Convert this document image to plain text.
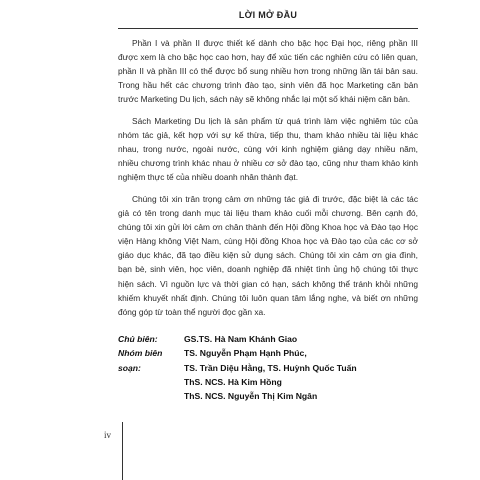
LỜI MỞ ĐẦU

Phần I và phần II được thiết kế dành cho bậc học Đại học, riêng phần III được xem là cho bậc học cao hơn, hay để xúc tiến các nghiên cứu có liên quan, phần II và phần III có thể được bổ sung nhiều hơn trong những lần tái bản sau. Trong hầu hết các chương trình đào tạo, sinh viên đã học Marketing căn bản trước Marketing Du lịch, sách này sẽ không nhắc lại một số khái niệm căn bản.

Sách Marketing Du lịch là sản phẩm từ quá trình làm việc nghiêm túc của nhóm tác giả, kết hợp với sự kế thừa, tiếp thu, tham khảo nhiều tài liệu khác nhau, trong nước, ngoài nước, cùng với kinh nghiệm giảng dạy nhiều năm, nhiều chương trình khác nhau ở nhiều cơ sở đào tạo, cũng như tham khảo kinh nghiệm thực tế của nhiều doanh nhân thành đạt.

Chúng tôi xin trân trọng cảm ơn những tác giả đi trước, đặc biệt là các tác giả có tên trong danh mục tài liệu tham khảo cuối mỗi chương. Bên cạnh đó, chúng tôi xin gửi lời cảm ơn chân thành đến Hội đồng Khoa học và Đào tạo Học viện Hàng không Việt Nam, cùng Hội đồng Khoa học và Đào tạo của các cơ sở giáo dục khác, đã tạo điều kiện sử dụng sách. Chúng tôi xin cảm ơn gia đình, bạn bè, sinh viên, học viên, doanh nghiệp đã nhiệt tình ủng hộ chúng tôi thực hiện sách. Vì nguồn lực và thời gian có hạn, sách không thể tránh khỏi những khiếm khuyết nhất định. Chúng tôi luôn quan tâm lắng nghe, và biết ơn những đóng góp từ toàn thể người đọc gần xa.

Chủ biên:	GS.TS. Hà Nam Khánh Giao
Nhóm biên soạn:
TS. Nguyễn Phạm Hạnh Phúc,
TS. Trần Diệu Hằng, TS. Huỳnh Quốc Tuấn
ThS. NCS. Hà Kim Hồng
ThS. NCS. Nguyễn Thị Kim Ngân
iv
